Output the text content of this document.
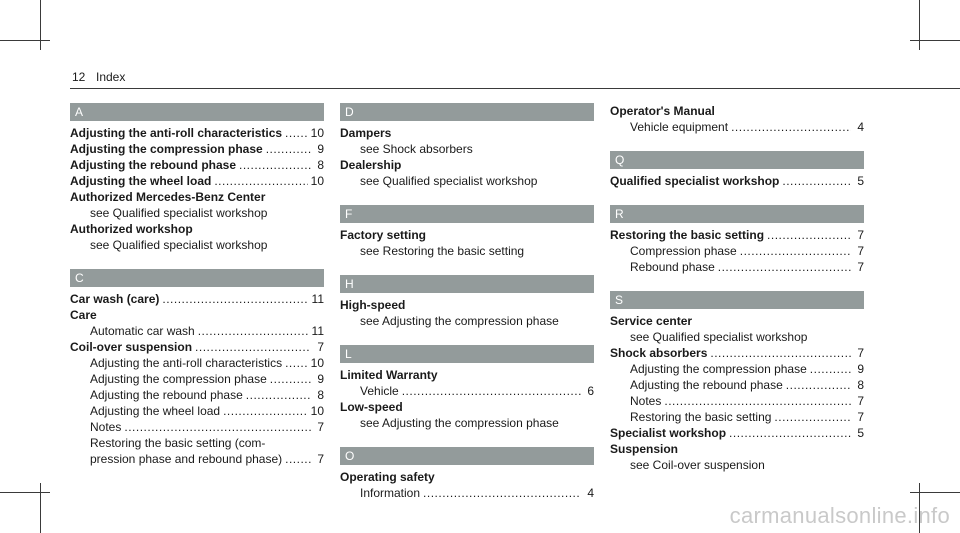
12 Index
A
Adjusting the anti-roll characteristics ..... 10
Adjusting the compression phase .....	9
Adjusting the rebound phase .....	8
Adjusting the wheel load .....	10
Authorized Mercedes-Benz Center
see Qualified specialist workshop
Authorized workshop
see Qualified specialist workshop
C
Car wash (care) .....	11
Care
Automatic car wash .....	11
Coil-over suspension .....	7
Adjusting the anti-roll characteristics ..... 10
Adjusting the compression phase .....	9
Adjusting the rebound phase .....	8
Adjusting the wheel load .....	10
Notes .....	7
Restoring the basic setting (com-
pression phase and rebound phase) .....	7
D
Dampers
see Shock absorbers
Dealership
see Qualified specialist workshop
F
Factory setting
see Restoring the basic setting
H
High-speed
see Adjusting the compression phase
L
Limited Warranty
Vehicle .....	6
Low-speed
see Adjusting the compression phase
O
Operating safety
Information .....	4
Operator's Manual
Vehicle equipment .....	4
Q
Qualified specialist workshop .....	5
R
Restoring the basic setting .....	7
Compression phase .....	7
Rebound phase .....	7
S
Service center
see Qualified specialist workshop
Shock absorbers .....	7
Adjusting the compression phase .....	9
Adjusting the rebound phase .....	8
Notes .....	7
Restoring the basic setting .....	7
Specialist workshop .....	5
Suspension
see Coil-over suspension
carmanualsonline.info
